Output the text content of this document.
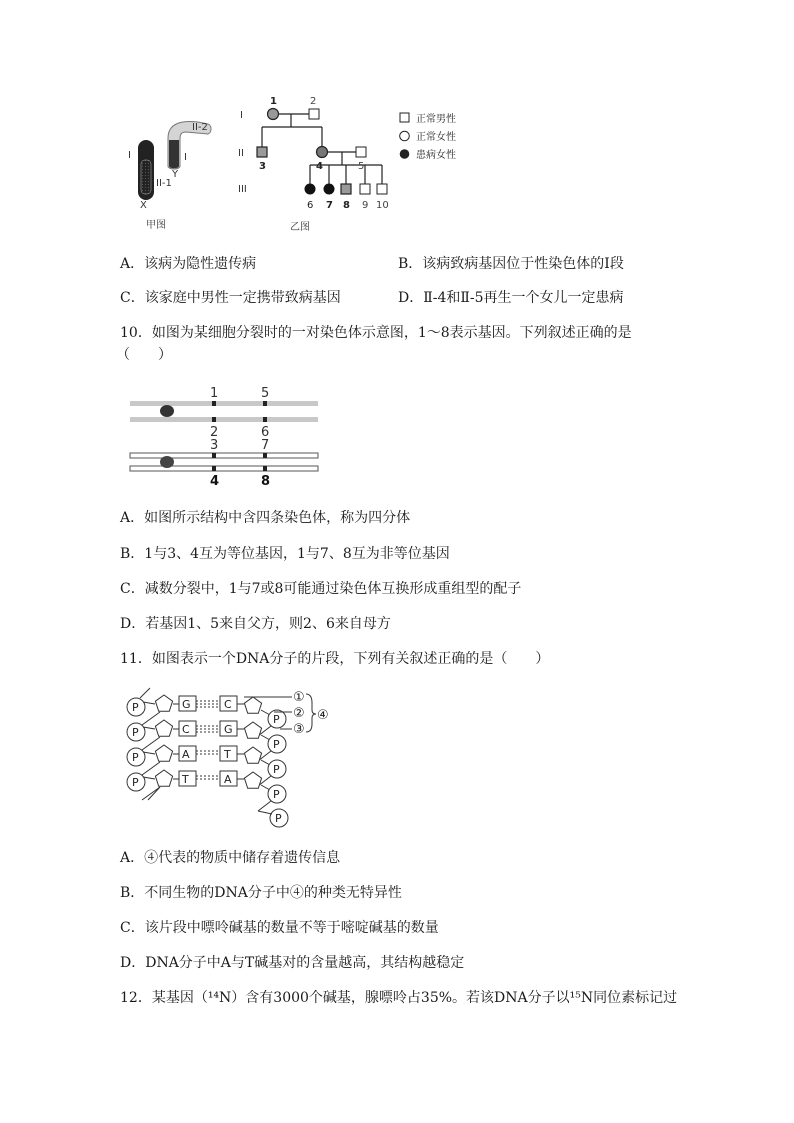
I
II-2
I
Y
II-1
X
甲图
I
II
III
1	2
3	4	5
6 7 8 9 10
乙图
正常男性
正常女性
患病女性
A．该病为隐性遗传病	B．该病致病基因位于性染色体的Ⅰ段
C．该家庭中男性一定携带致病基因	D．Ⅱ-4和Ⅱ-5再生一个女儿一定患病
10．如图为某细胞分裂时的一对染色体示意图，1～8表示基因。下列叙述正确的是
（　　）
1	5
2	6
3	7
4	8
A．如图所示结构中含四条染色体，称为四分体
B．1与3、4互为等位基因，1与7、8互为非等位基因
C．减数分裂中，1与7或8可能通过染色体互换形成重组型的配子
D．若基因1、5来自父方，则2、6来自母方
11．如图表示一个DNA分子的片段，下列有关叙述正确的是（　　）
P	G	C
P
P	C	G
P
P	A	T
P
P	T	A
P
P
①
②
③
④
A．④代表的物质中储存着遗传信息
B．不同生物的DNA分子中④的种类无特异性
C．该片段中嘌呤碱基的数量不等于嘧啶碱基的数量
D．DNA分子中A与T碱基对的含量越高，其结构越稳定
12．某基因（¹⁴N）含有3000个碱基，腺嘌呤占35%。若该DNA分子以¹⁵N同位素标记过
